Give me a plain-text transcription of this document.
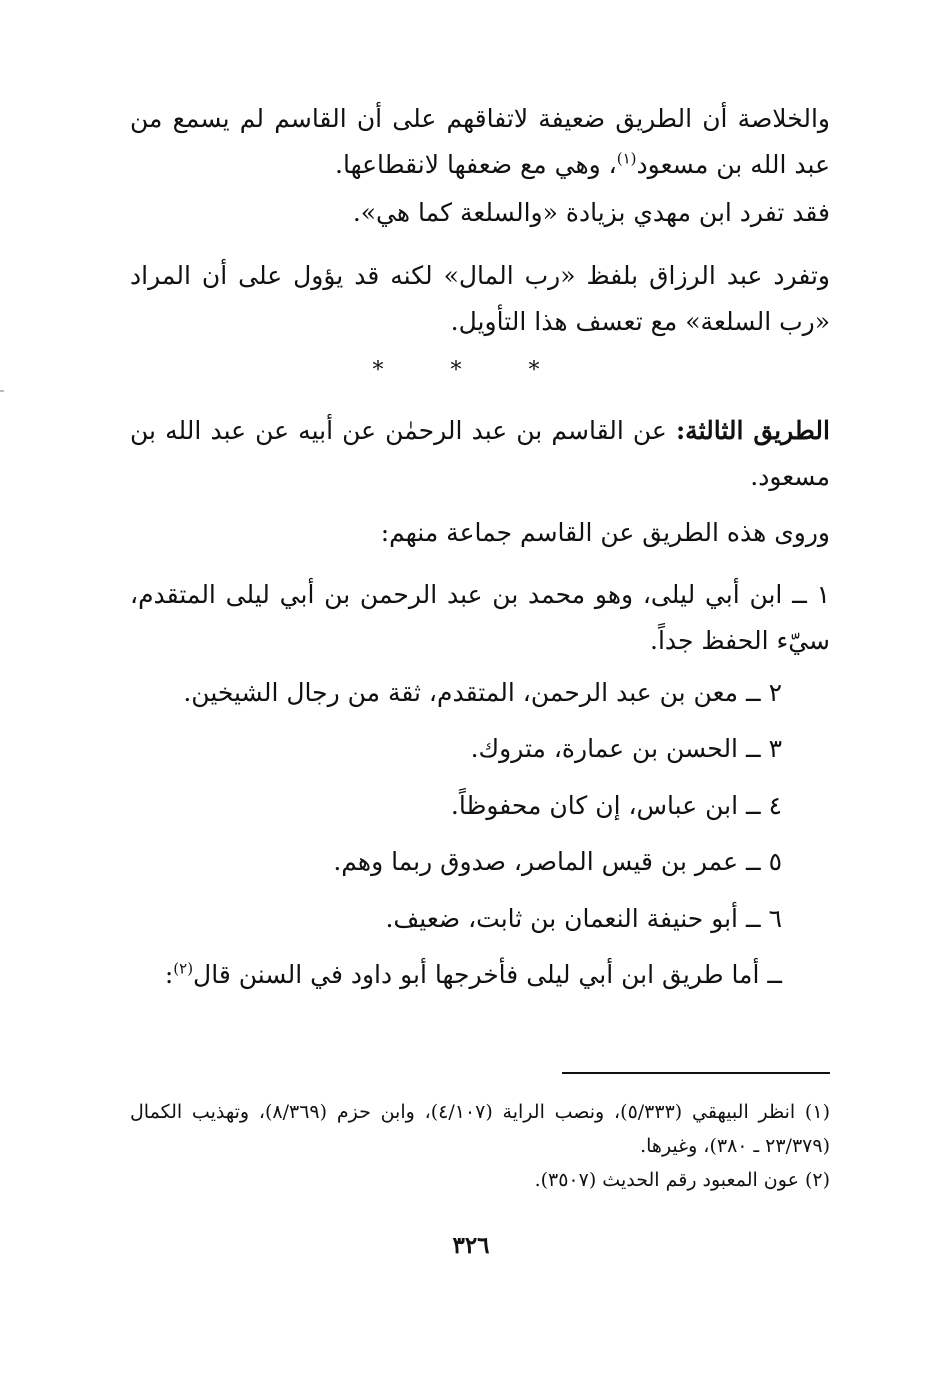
والخلاصة أن الطريق ضعيفة لاتفاقهم على أن القاسم لم يسمع من عبد الله بن مسعود$^{(١)}$، وهي مع ضعفها لانقطاعها.
فقد تفرد ابن مهدي بزيادة «والسلعة كما هي».
وتفرد عبد الرزاق بلفظ «رب المال» لكنه قد يؤول على أن المراد «رب السلعة» مع تعسف هذا التأويل.
* * *
الطريق الثالثة: عن القاسم بن عبد الرحمٰن عن أبيه عن عبد الله بن مسعود.
وروى هذه الطريق عن القاسم جماعة منهم:
١ ــ ابن أبي ليلى، وهو محمد بن عبد الرحمن بن أبي ليلى المتقدم، سيّء الحفظ جداً.
٢ ــ معن بن عبد الرحمن، المتقدم، ثقة من رجال الشيخين.
٣ ــ الحسن بن عمارة، متروك.
٤ ــ ابن عباس، إن كان محفوظاً.
٥ ــ عمر بن قيس الماصر، صدوق ربما وهم.
٦ ــ أبو حنيفة النعمان بن ثابت، ضعيف.
ــ أما طريق ابن أبي ليلى فأخرجها أبو داود في السنن قال$^{(٢)}$:
(١) انظر البيهقي (٥/٣٣٣)، ونصب الراية (٤/١٠٧)، وابن حزم (٨/٣٦٩)، وتهذيب الكمال (٢٣/٣٧٩ ـ ٣٨٠)، وغيرها.
(٢) عون المعبود رقم الحديث (٣٥٠٧).
٣٢٦
